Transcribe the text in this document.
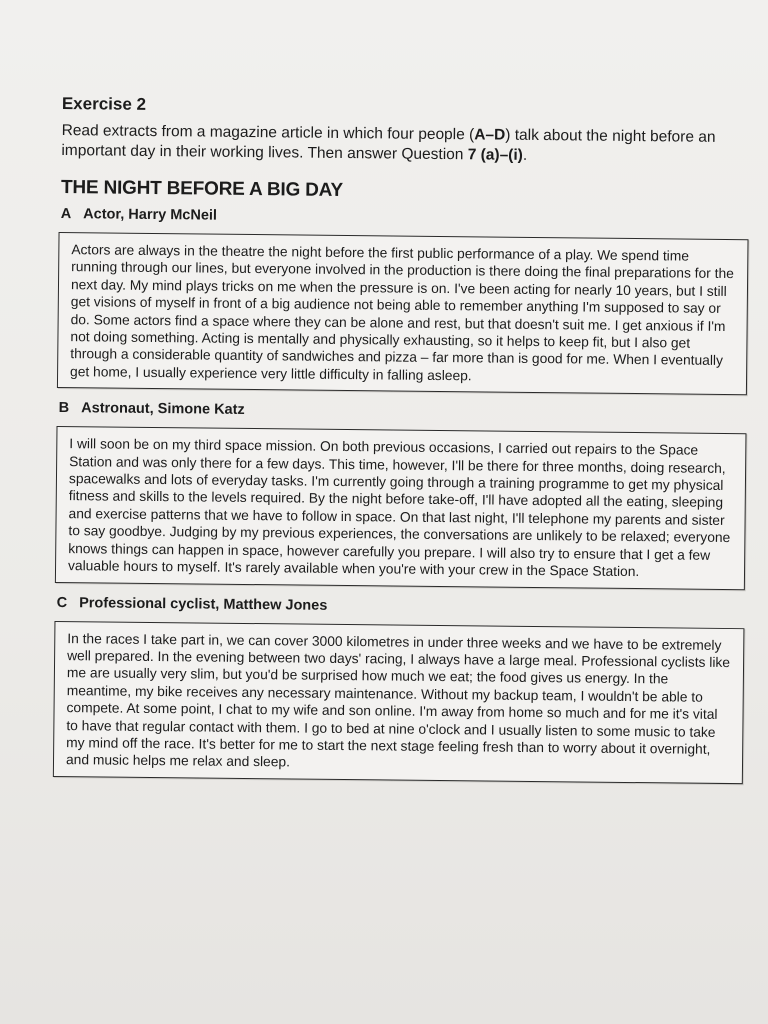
Exercise 2
Read extracts from a magazine article in which four people (A–D) talk about the night before an important day in their working lives. Then answer Question 7 (a)–(i).
THE NIGHT BEFORE A BIG DAY
A Actor, Harry McNeil

Actors are always in the theatre the night before the first public performance of a play. We spend time running through our lines, but everyone involved in the production is there doing the final preparations for the next day. My mind plays tricks on me when the pressure is on. I've been acting for nearly 10 years, but I still get visions of myself in front of a big audience not being able to remember anything I'm supposed to say or do. Some actors find a space where they can be alone and rest, but that doesn't suit me. I get anxious if I'm not doing something. Acting is mentally and physically exhausting, so it helps to keep fit, but I also get through a considerable quantity of sandwiches and pizza – far more than is good for me. When I eventually get home, I usually experience very little difficulty in falling asleep.

B Astronaut, Simone Katz

I will soon be on my third space mission. On both previous occasions, I carried out repairs to the Space Station and was only there for a few days. This time, however, I'll be there for three months, doing research, spacewalks and lots of everyday tasks. I'm currently going through a training programme to get my physical fitness and skills to the levels required. By the night before take-off, I'll have adopted all the eating, sleeping and exercise patterns that we have to follow in space. On that last night, I'll telephone my parents and sister to say goodbye. Judging by my previous experiences, the conversations are unlikely to be relaxed; everyone knows things can happen in space, however carefully you prepare. I will also try to ensure that I get a few valuable hours to myself. It's rarely available when you're with your crew in the Space Station.

C Professional cyclist, Matthew Jones

In the races I take part in, we can cover 3000 kilometres in under three weeks and we have to be extremely well prepared. In the evening between two days' racing, I always have a large meal. Professional cyclists like me are usually very slim, but you'd be surprised how much we eat; the food gives us energy. In the meantime, my bike receives any necessary maintenance. Without my backup team, I wouldn't be able to compete. At some point, I chat to my wife and son online. I'm away from home so much and for me it's vital to have that regular contact with them. I go to bed at nine o'clock and I usually listen to some music to take my mind off the race. It's better for me to start the next stage feeling fresh than to worry about it overnight, and music helps me relax and sleep.
